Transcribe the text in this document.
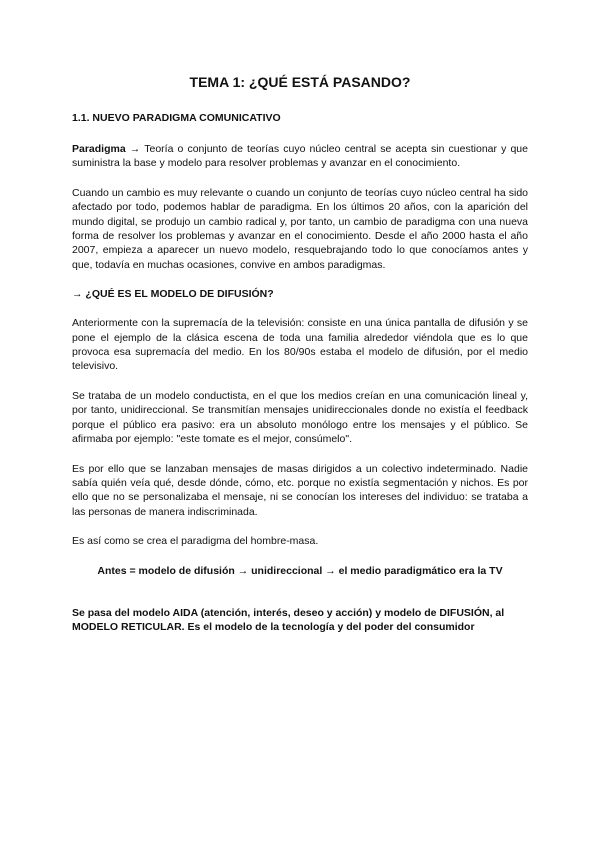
TEMA 1: ¿QUÉ ESTÁ PASANDO?
1.1. NUEVO PARADIGMA COMUNICATIVO

Paradigma → Teoría o conjunto de teorías cuyo núcleo central se acepta sin cuestionar y que suministra la base y modelo para resolver problemas y avanzar en el conocimiento.

Cuando un cambio es muy relevante o cuando un conjunto de teorías cuyo núcleo central ha sido afectado por todo, podemos hablar de paradigma. En los últimos 20 años, con la aparición del mundo digital, se produjo un cambio radical y, por tanto, un cambio de paradigma con una nueva forma de resolver los problemas y avanzar en el conocimiento. Desde el año 2000 hasta el año 2007, empieza a aparecer un nuevo modelo, resquebrajando todo lo que conocíamos antes y que, todavía en muchas ocasiones, convive en ambos paradigmas.

→ ¿QUÉ ES EL MODELO DE DIFUSIÓN?

Anteriormente con la supremacía de la televisión: consiste en una única pantalla de difusión y se pone el ejemplo de la clásica escena de toda una familia alrededor viéndola que es lo que provoca esa supremacía del medio. En los 80/90s estaba el modelo de difusión, por el medio televisivo.

Se trataba de un modelo conductista, en el que los medios creían en una comunicación lineal y, por tanto, unidireccional. Se transmitían mensajes unidireccionales donde no existía el feedback porque el público era pasivo: era un absoluto monólogo entre los mensajes y el público. Se afirmaba por ejemplo: "este tomate es el mejor, consúmelo".

Es por ello que se lanzaban mensajes de masas dirigidos a un colectivo indeterminado. Nadie sabía quién veía qué, desde dónde, cómo, etc. porque no existía segmentación y nichos. Es por ello que no se personalizaba el mensaje, ni se conocían los intereses del individuo: se trataba a las personas de manera indiscriminada.

Es así como se crea el paradigma del hombre-masa.

Antes = modelo de difusión → unidireccional → el medio paradigmático era la TV

Se pasa del modelo AIDA (atención, interés, deseo y acción) y modelo de DIFUSIÓN, al MODELO RETICULAR. Es el modelo de la tecnología y del poder del consumidor
